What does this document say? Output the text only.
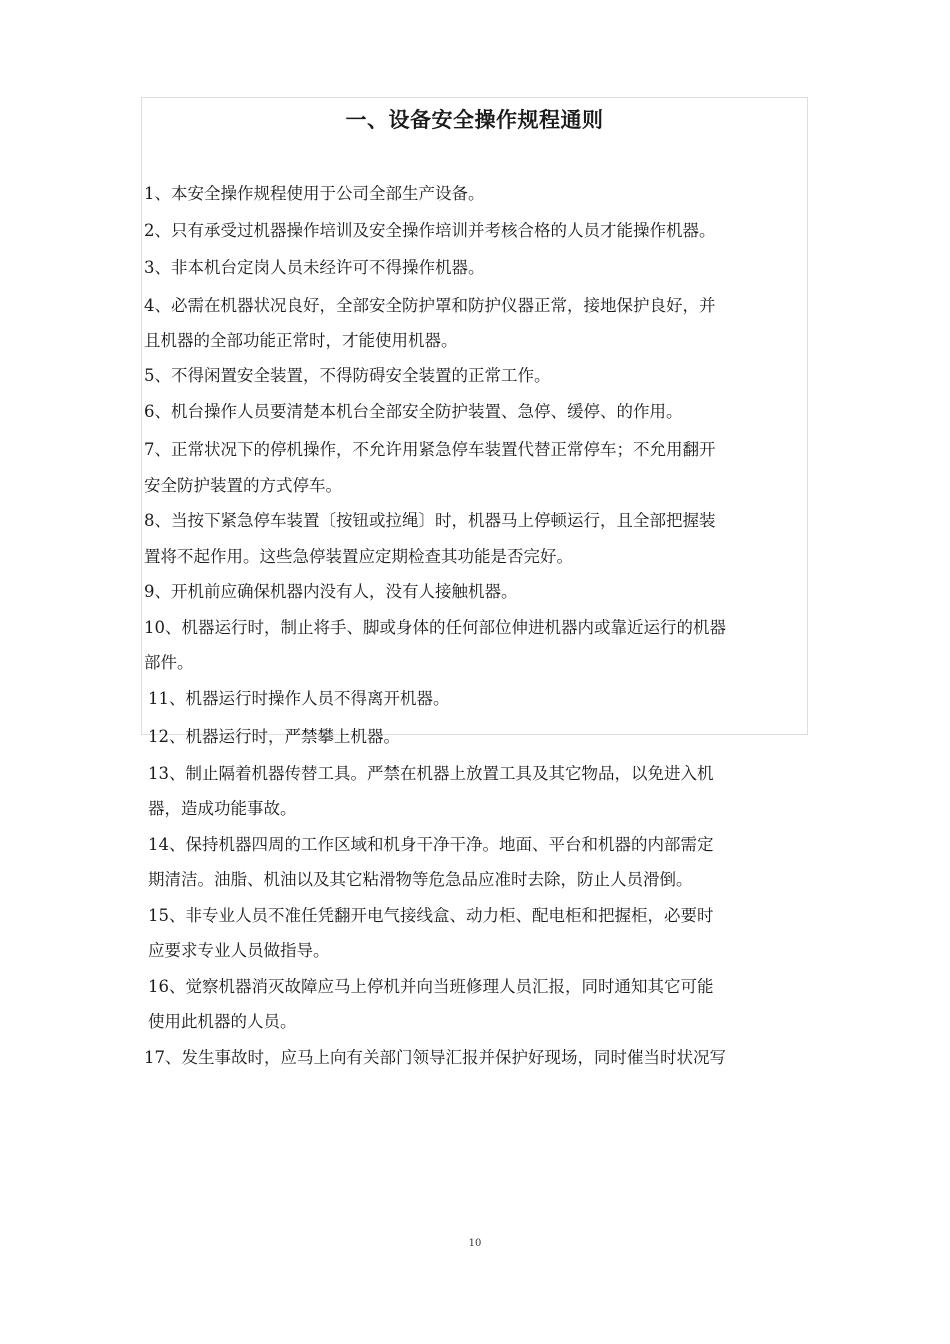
一、设备安全操作规程通则

1、本安全操作规程使用于公司全部生产设备。

2、只有承受过机器操作培训及安全操作培训并考核合格的人员才能操作机器。

3、非本机台定岗人员未经许可不得操作机器。

4、必需在机器状况良好，全部安全防护罩和防护仪器正常，接地保护良好，并

且机器的全部功能正常时，才能使用机器。

5、不得闲置安全装置，不得防碍安全装置的正常工作。

6、机台操作人员要清楚本机台全部安全防护装置、急停、缓停、的作用。

7、正常状况下的停机操作，不允许用紧急停车装置代替正常停车；不允用翻开

安全防护装置的方式停车。

8、当按下紧急停车装置〔按钮或拉绳〕时，机器马上停顿运行，且全部把握装

置将不起作用。这些急停装置应定期检查其功能是否完好。

9、开机前应确保机器内没有人，没有人接触机器。

10、机器运行时，制止将手、脚或身体的任何部位伸进机器内或靠近运行的机器

部件。

11、机器运行时操作人员不得离开机器。

12、机器运行时，严禁攀上机器。

13、制止隔着机器传替工具。严禁在机器上放置工具及其它物品，以免进入机

器，造成功能事故。

14、保持机器四周的工作区域和机身干净干净。地面、平台和机器的内部需定

期清洁。油脂、机油以及其它粘滑物等危急品应准时去除，防止人员滑倒。

15、非专业人员不准任凭翻开电气接线盒、动力柜、配电柜和把握柜，必要时

应要求专业人员做指导。

16、觉察机器消灭故障应马上停机并向当班修理人员汇报，同时通知其它可能

使用此机器的人员。

17、发生事故时，应马上向有关部门领导汇报并保护好现场，同时催当时状况写

10
